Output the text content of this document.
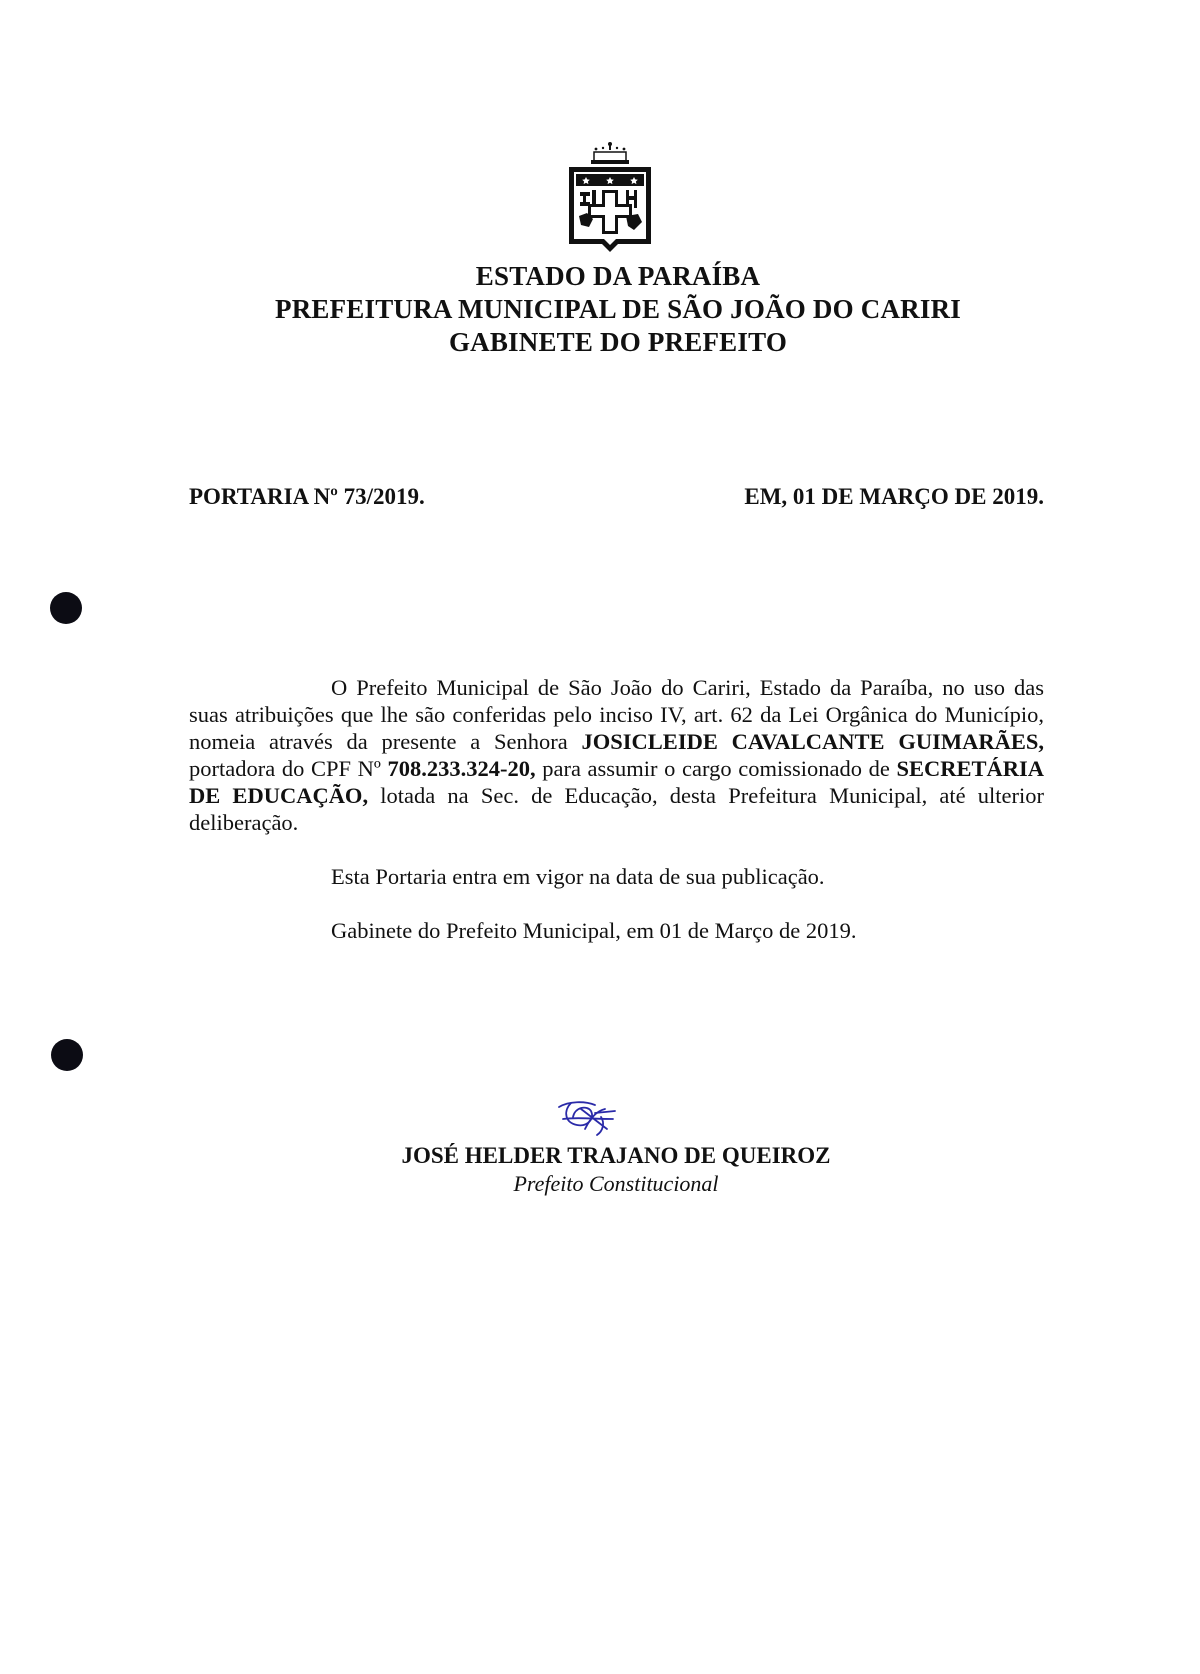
ESTADO DA PARAÍBA
PREFEITURA MUNICIPAL DE SÃO JOÃO DO CARIRI
GABINETE DO PREFEITO
PORTARIA Nº 73/2019.	EM, 01 DE MARÇO DE 2019.

O Prefeito Municipal de São João do Cariri, Estado da Paraíba, no uso das suas atribuições que lhe são conferidas pelo inciso IV, art. 62 da Lei Orgânica do Município, nomeia através da presente a Senhora JOSICLEIDE CAVALCANTE GUIMARÃES, portadora do CPF Nº 708.233.324-20, para assumir o cargo comissionado de SECRETÁRIA DE EDUCAÇÃO, lotada na Sec. de Educação, desta Prefeitura Municipal, até ulterior deliberação.

Esta Portaria entra em vigor na data de sua publicação.

Gabinete do Prefeito Municipal, em 01 de Março de 2019.

JOSÉ HELDER TRAJANO DE QUEIROZ
Prefeito Constitucional
